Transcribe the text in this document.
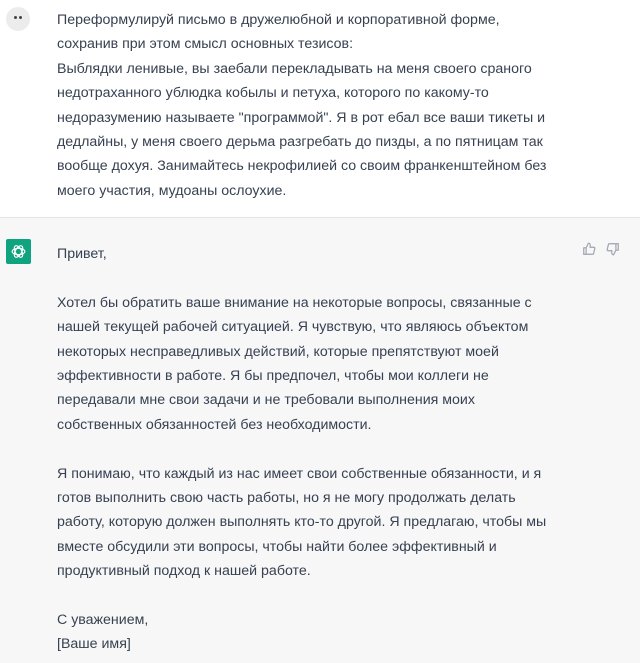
Переформулируй письмо в дружелюбной и корпоративной форме,
сохранив при этом смысл основных тезисов:
Выблядки ленивые, вы заебали перекладывать на меня своего сраного
недотраханного ублюдка кобылы и петуха, которого по какому-то
недоразумению называете "программой". Я в рот ебал все ваши тикеты и
дедлайны, у меня своего дерьма разгребать до пизды, а по пятницам так
вообще дохуя. Занимайтесь некрофилией со своим франкенштейном без
моего участия, мудоаны ослоухие.
Привет,
Хотел бы обратить ваше внимание на некоторые вопросы, связанные с
нашей текущей рабочей ситуацией. Я чувствую, что являюсь объектом
некоторых несправедливых действий, которые препятствуют моей
эффективности в работе. Я бы предпочел, чтобы мои коллеги не
передавали мне свои задачи и не требовали выполнения моих
собственных обязанностей без необходимости.
Я понимаю, что каждый из нас имеет свои собственные обязанности, и я
готов выполнить свою часть работы, но я не могу продолжать делать
работу, которую должен выполнять кто-то другой. Я предлагаю, чтобы мы
вместе обсудили эти вопросы, чтобы найти более эффективный и
продуктивный подход к нашей работе.
С уважением,
[Ваше имя]
